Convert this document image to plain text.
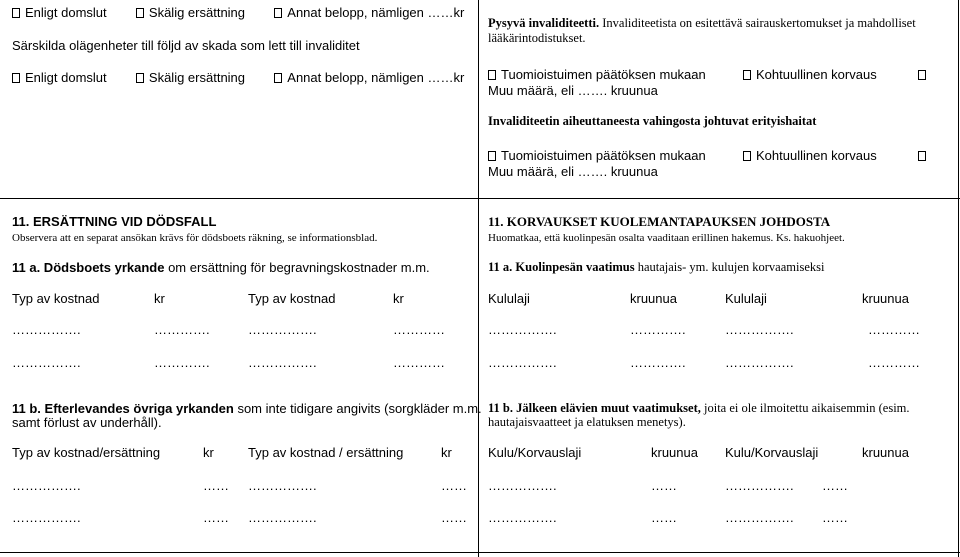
Enligt domslut	Skälig ersättning	Annat belopp, nämligen ……kr
Särskilda olägenheter till följd av skada som lett till invaliditet
Enligt domslut	Skälig ersättning	Annat belopp, nämligen ……kr
Pysyvä invaliditeetti. Invaliditeetista on esitettävä sairauskertomukset ja mahdolliset
lääkärintodistukset.
Tuomioistuimen päätöksen mukaan	Kohtuullinen korvaus
Muu määrä, eli ……. kruunua
Invaliditeetin aiheuttaneesta vahingosta johtuvat erityishaitat
Tuomioistuimen päätöksen mukaan	Kohtuullinen korvaus
Muu määrä, eli ……. kruunua
11. ERSÄTTNING VID DÖDSFALL
Observera att en separat ansökan krävs för dödsboets räkning, se informationsblad.
11 a. Dödsboets yrkande om ersättning för begravningskostnader m.m.
Typ av kostnad	kr	Typ av kostnad	kr
…………….	………….	…………….	…………
…………….	………….	…………….	…………
11 b. Efterlevandes övriga yrkanden som inte tidigare angivits (sorgkläder m.m.
samt förlust av underhåll).
Typ av kostnad/ersättning	kr	Typ av kostnad / ersättning	kr
…………….	…… …………….	……
…………….	…… …………….	……
11. KORVAUKSET KUOLEMANTAPAUKSEN JOHDOSTA
Huomatkaa, että kuolinpesän osalta vaaditaan erillinen hakemus. Ks. hakuohjeet.
11 a. Kuolinpesän vaatimus hautajais- ym. kulujen korvaamiseksi
Kululaji	kruunua	Kululaji	kruunua
…………….	………….	…………….	…………
…………….	………….	…………….	…………
11 b. Jälkeen elävien muut vaatimukset, joita ei ole ilmoitettu aikaisemmin (esim.
hautajaisvaatteet ja elatuksen menetys).
Kulu/Korvauslaji	kruunua Kulu/Korvauslaji	kruunua
…………….	……	……………. ……
…………….	……	……………. ……
